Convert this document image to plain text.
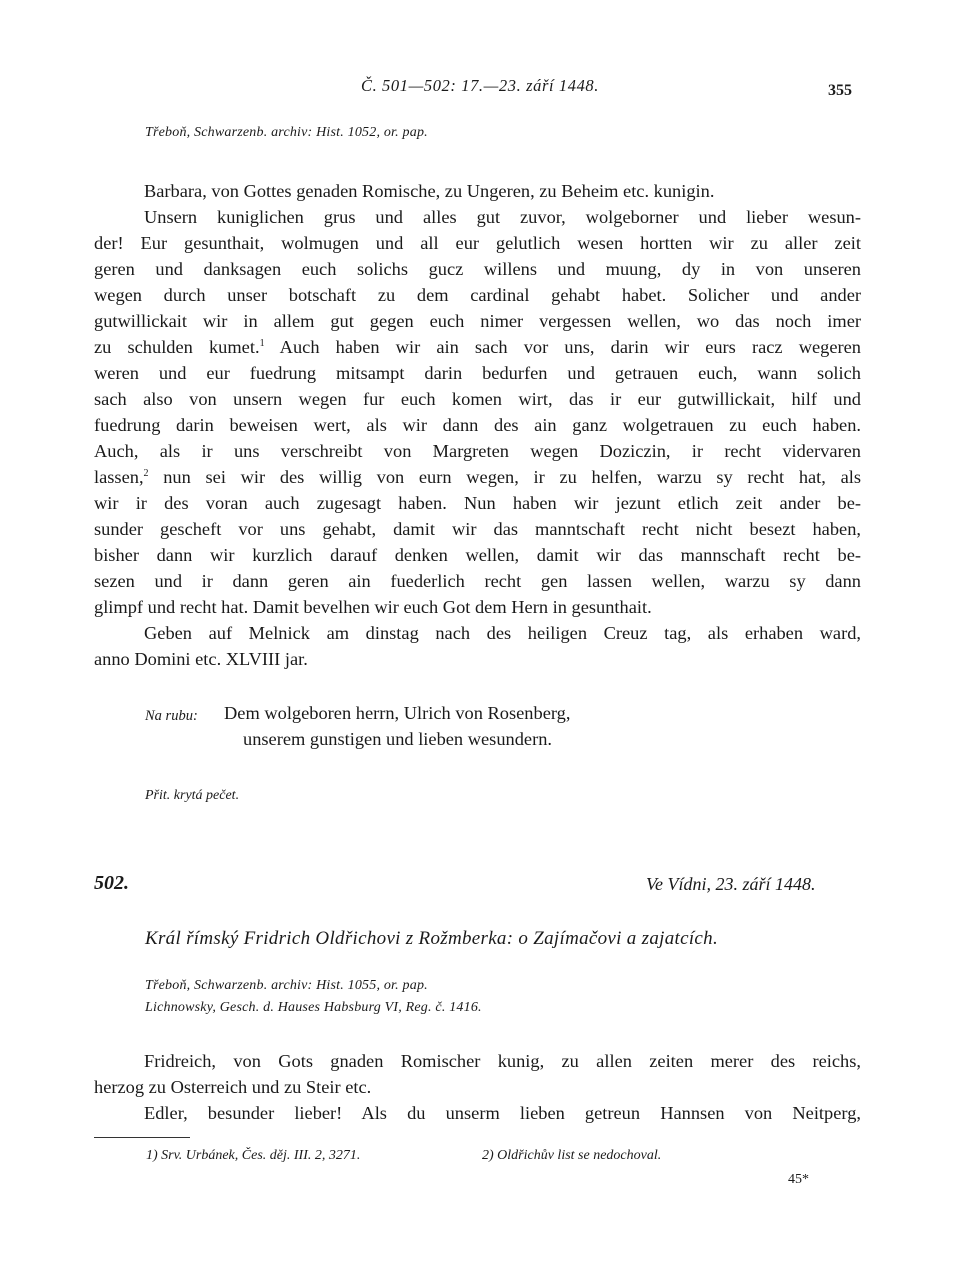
Č. 501—502: 17.—23. září 1448.	355
Třeboň, Schwarzenb. archiv: Hist. 1052, or. pap.
Barbara, von Gottes genaden Romische, zu Ungeren, zu Beheim etc. kunigin.
Unsern kuniglichen grus und alles gut zuvor, wolgeborner und lieber wesun-
der! Eur gesunthait, wolmugen und all eur gelutlich wesen hortten wir zu aller zeit
geren und danksagen euch solichs gucz willens und muung, dy in von unseren
wegen durch unser botschaft zu dem cardinal gehabt habet. Solicher und ander
gutwillickait wir in allem gut gegen euch nimer vergessen wellen, wo das noch imer
zu schulden kumet.$^1$ Auch haben wir ain sach vor uns, darin wir eurs racz wegeren
weren und eur fuedrung mitsampt darin bedurfen und getrauen euch, wann solich
sach also von unsern wegen fur euch komen wirt, das ir eur gutwillickait, hilf und
fuedrung darin beweisen wert, als wir dann des ain ganz wolgetrauen zu euch haben.
Auch, als ir uns verschreibt von Margreten wegen Doziczin, ir recht vidervaren
lassen,$^2$ nun sei wir des willig von eurn wegen, ir zu helfen, warzu sy recht hat, als
wir ir des voran auch zugesagt haben. Nun haben wir jezunt etlich zeit ander be-
sunder gescheft vor uns gehabt, damit wir das manntschaft recht nicht besezt haben,
bisher dann wir kurzlich darauf denken wellen, damit wir das mannschaft recht be-
sezen und ir dann geren ain fuederlich recht gen lassen wellen, warzu sy dann
glimpf und recht hat. Damit bevelhen wir euch Got dem Hern in gesunthait.
Geben auf Melnick am dinstag nach des heiligen Creuz tag, als erhaben ward,
anno Domini etc. XLVIII jar.
Na rubu: Dem wolgeboren herrn, Ulrich von Rosenberg,
unserem gunstigen und lieben wesundern.
Přit. krytá pečet.
502.	Ve Vídni, 23. září 1448.
Král římský Fridrich Oldřichovi z Rožmberka: o Zajímačovi a zajatcích.
Třeboň, Schwarzenb. archiv: Hist. 1055, or. pap.
Lichnowsky, Gesch. d. Hauses Habsburg VI, Reg. č. 1416.
Fridreich, von Gots gnaden Romischer kunig, zu allen zeiten merer des reichs,
herzog zu Osterreich und zu Steir etc.
Edler, besunder lieber! Als du unserm lieben getreun Hannsen von Neitperg,
1) Srv. Urbánek, Čes. děj. III. 2, 3271.	2) Oldřichův list se nedochoval.
45*
